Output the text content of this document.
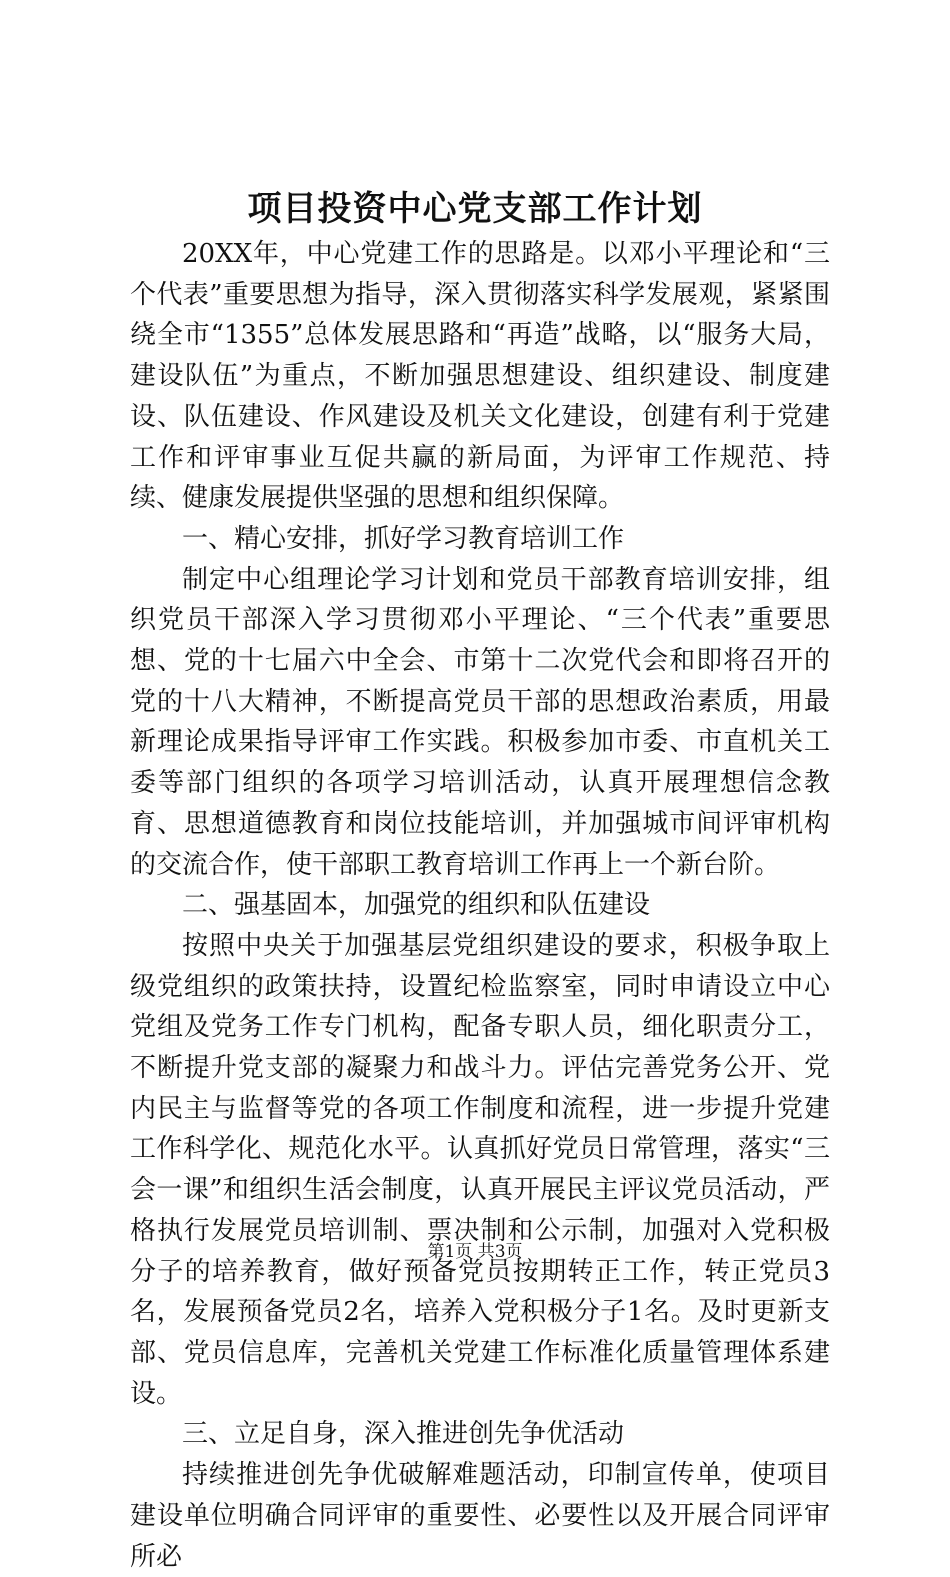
项目投资中心党支部工作计划

20XX年，中心党建工作的思路是。以邓小平理论和“三个代表”重要思想为指导，深入贯彻落实科学发展观，紧紧围绕全市“1355”总体发展思路和“再造”战略，以“服务大局，建设队伍”为重点，不断加强思想建设、组织建设、制度建设、队伍建设、作风建设及机关文化建设，创建有利于党建工作和评审事业互促共赢的新局面，为评审工作规范、持续、健康发展提供坚强的思想和组织保障。

一、精心安排，抓好学习教育培训工作

制定中心组理论学习计划和党员干部教育培训安排，组织党员干部深入学习贯彻邓小平理论、“三个代表”重要思想、党的十七届六中全会、市第十二次党代会和即将召开的党的十八大精神，不断提高党员干部的思想政治素质，用最新理论成果指导评审工作实践。积极参加市委、市直机关工委等部门组织的各项学习培训活动，认真开展理想信念教育、思想道德教育和岗位技能培训，并加强城市间评审机构的交流合作，使干部职工教育培训工作再上一个新台阶。

二、强基固本，加强党的组织和队伍建设

按照中央关于加强基层党组织建设的要求，积极争取上级党组织的政策扶持，设置纪检监察室，同时申请设立中心党组及党务工作专门机构，配备专职人员，细化职责分工，不断提升党支部的凝聚力和战斗力。评估完善党务公开、党内民主与监督等党的各项工作制度和流程，进一步提升党建工作科学化、规范化水平。认真抓好党员日常管理，落实“三会一课”和组织生活会制度，认真开展民主评议党员活动，严格执行发展党员培训制、票决制和公示制，加强对入党积极分子的培养教育，做好预备党员按期转正工作，转正党员3名，发展预备党员2名，培养入党积极分子1名。及时更新支部、党员信息库，完善机关党建工作标准化质量管理体系建设。

三、立足自身，深入推进创先争优活动

持续推进创先争优破解难题活动，印制宣传单，使项目建设单位明确合同评审的重要性、必要性以及开展合同评审所必

第1页 共3页
